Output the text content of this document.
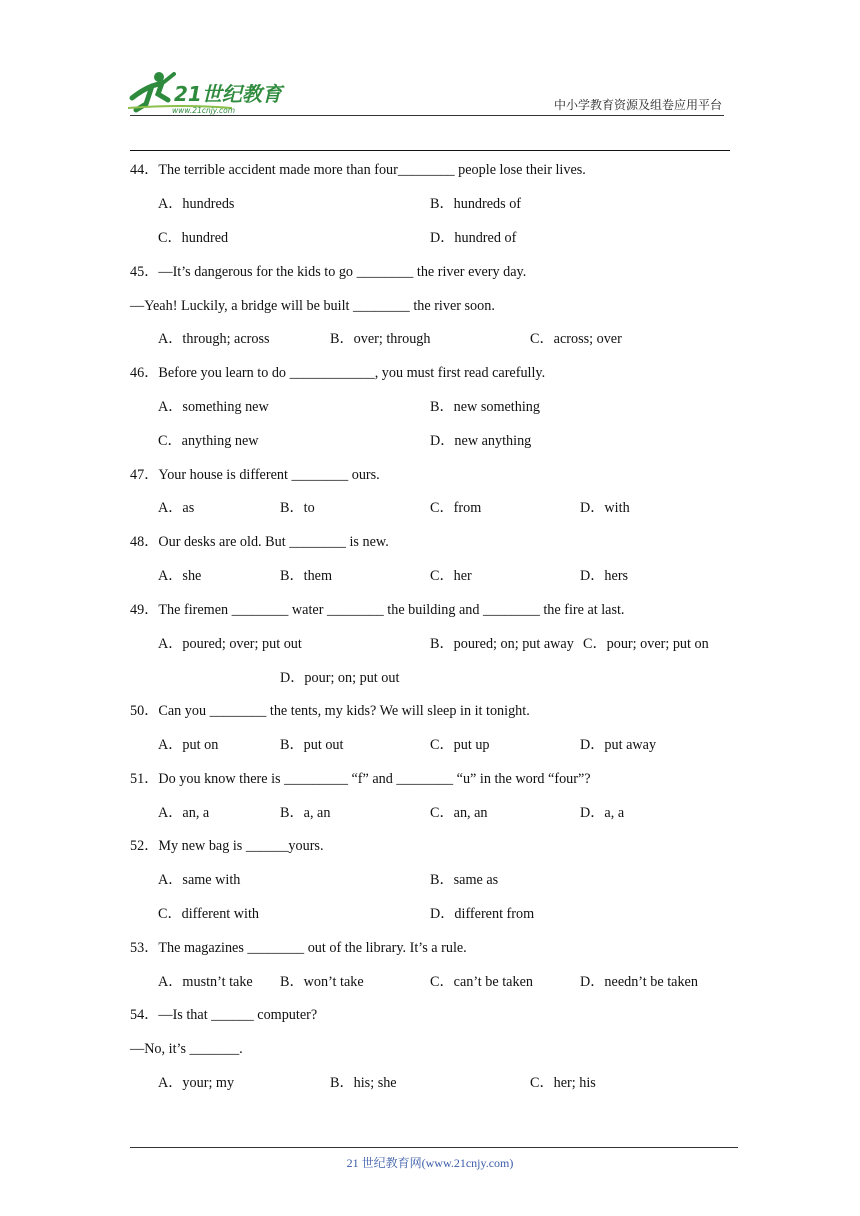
21世纪教育
www.21cnjy.com	中小学教育资源及组卷应用平台
44．The terrible accident made more than four________ people lose their lives.
A．hundreds	B．hundreds of
C．hundred	D．hundred of
45．—It’s dangerous for the kids to go ________ the river every day.
—Yeah! Luckily, a bridge will be built ________ the river soon.
A．through; across	B．over; through	C．across; over
46．Before you learn to do ____________, you must first read carefully.
A．something new	B．new something
C．anything new	D．new anything
47．Your house is different ________ ours.
A．as	B．to	C．from	D．with
48．Our desks are old. But ________ is new.
A．she	B．them	C．her	D．hers
49．The firemen ________ water ________ the building and ________ the fire at last.
A．poured; over; put out	B．poured; on; put away C．pour; over; put on
D．pour; on; put out
50．Can you ________ the tents, my kids? We will sleep in it tonight.
A．put on	B．put out	C．put up	D．put away
51．Do you know there is _________ “f” and ________ “u” in the word “four”?
A．an, a	B．a, an	C．an, an	D．a, a
52．My new bag is ______yours.
A．same with	B．same as
C．different with	D．different from
53．The magazines ________ out of the library. It’s a rule.
A．mustn’t take B．won’t take	C．can’t be taken	D．needn’t be taken
54．—Is that ______ computer?
—No, it’s _______.
A．your; my	B．his; she	C．her; his
21 世纪教育网(www.21cnjy.com)
